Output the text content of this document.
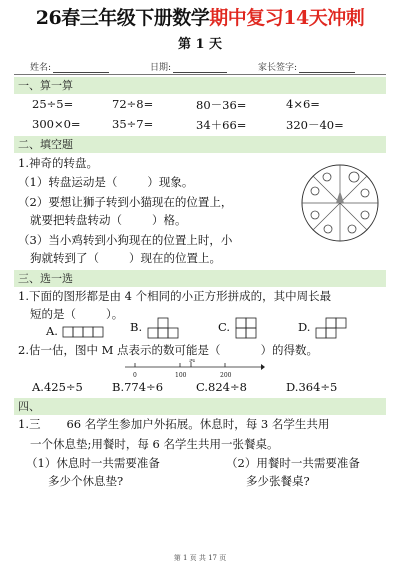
26春三年级下册数学期中复习14天冲刺
第 1 天
姓名:	日期:	家长签字:
一、算一算
25÷5=	72÷8=	80－36=	4×6=
300×0=	35÷7=	34＋66=	320－40=
二、填空题
1.神奇的转盘。
（1）转盘运动是（	）现象。
（2）要想让狮子转到小猫现在的位置上，
就要把转盘转动（	）格。
（3）当小鸡转到小狗现在的位置上时，小
狗就转到了（	）现在的位置上。
三、选一选
1.下面的图形都是由 4 个相同的小正方形拼成的，其中周长最
短的是（	）。
A.	B.	C.	D.
2.估一估，图中 M 点表示的数可能是（	）的得数。
M
0	100	200
A.425÷5	B.774÷6	C.824÷8	D.364÷5
四、
1.三 66 名学生参加户外拓展。休息时，每 3 名学生共用
一个休息垫;用餐时，每 6 名学生共用一张餐桌。
（1）休息时一共需要准备
多少个休息垫?
（2）用餐时一共需要准备
多少张餐桌?
第 1 页 共 17 页
